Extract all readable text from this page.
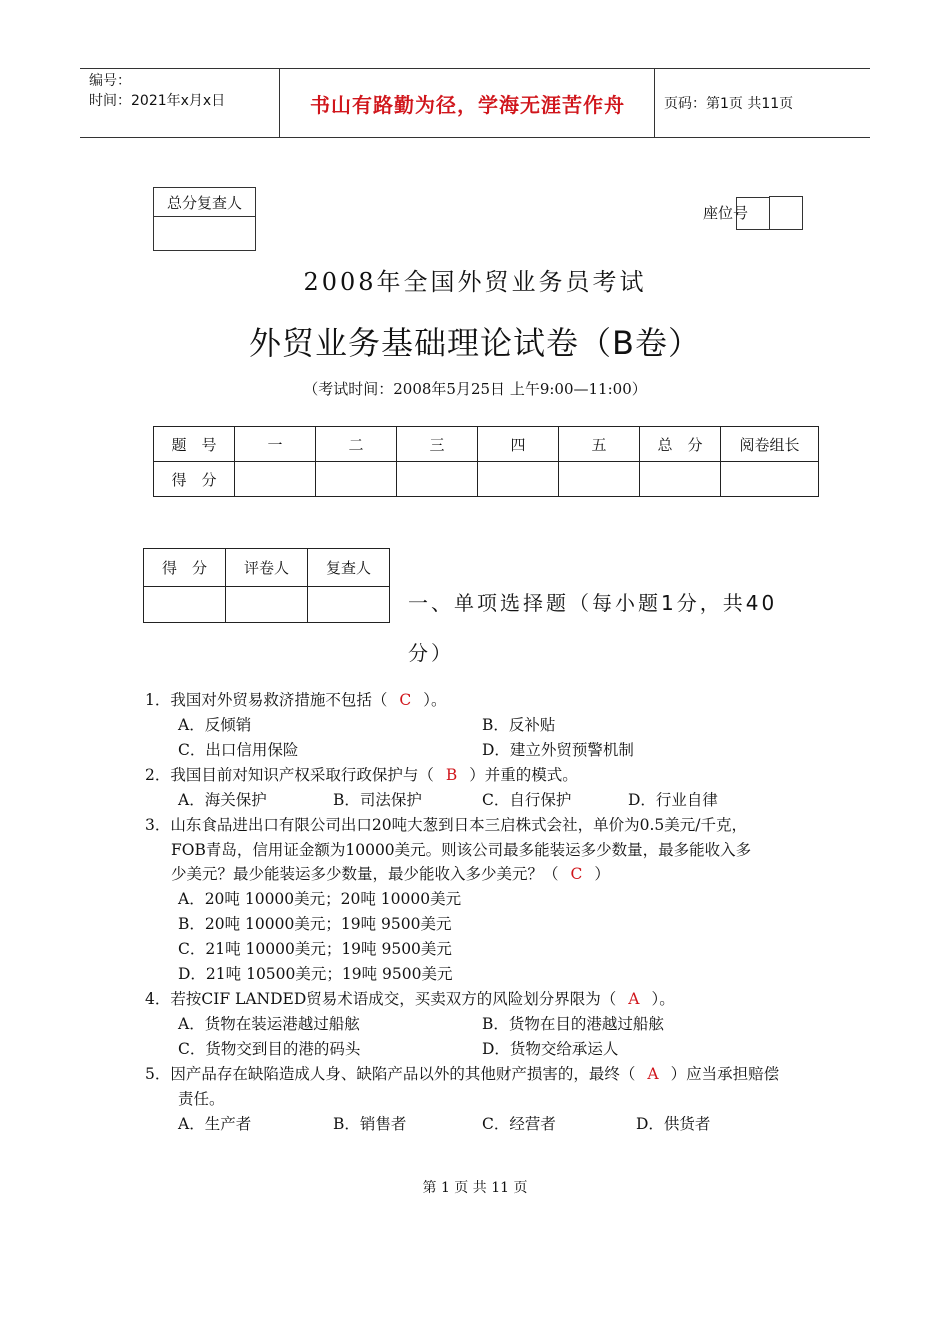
编号：
时间：2021年x月x日	书山有路勤为径，学海无涯苦作舟	页码：第1页 共11页
总分复查人
座位号
2008年全国外贸业务员考试
外贸业务基础理论试卷（B卷）
（考试时间：2008年5月25日 上午9:00—11:00）
题　号	一	二	三	四	五	总　分	阅卷组长
得　分							
得　分	评卷人	复查人

一、单项选择题（每小题1分，共40
分）
1．我国对外贸易救济措施不包括（ C ）。
A．反倾销	B．反补贴
C．出口信用保险	D．建立外贸预警机制
2．我国目前对知识产权采取行政保护与（ B ）并重的模式。
A．海关保护	B．司法保护	C．自行保护	D．行业自律
3．山东食品进出口有限公司出口20吨大葱到日本三启株式会社，单价为0.5美元/千克，
FOB青岛，信用证金额为10000美元。则该公司最多能装运多少数量，最多能收入多
少美元？最少能装运多少数量，最少能收入多少美元？（ C ）
A．20吨 10000美元；20吨 10000美元
B．20吨 10000美元；19吨 9500美元
C．21吨 10000美元；19吨 9500美元
D．21吨 10500美元；19吨 9500美元
4．若按CIF LANDED贸易术语成交，买卖双方的风险划分界限为（ A ）。
A．货物在装运港越过船舷	B．货物在目的港越过船舷
C．货物交到目的港的码头	D．货物交给承运人
5．因产品存在缺陷造成人身、缺陷产品以外的其他财产损害的，最终（ A ）应当承担赔偿
责任。
A．生产者	B．销售者	C．经营者	D．供货者
第 1 页 共 11 页
